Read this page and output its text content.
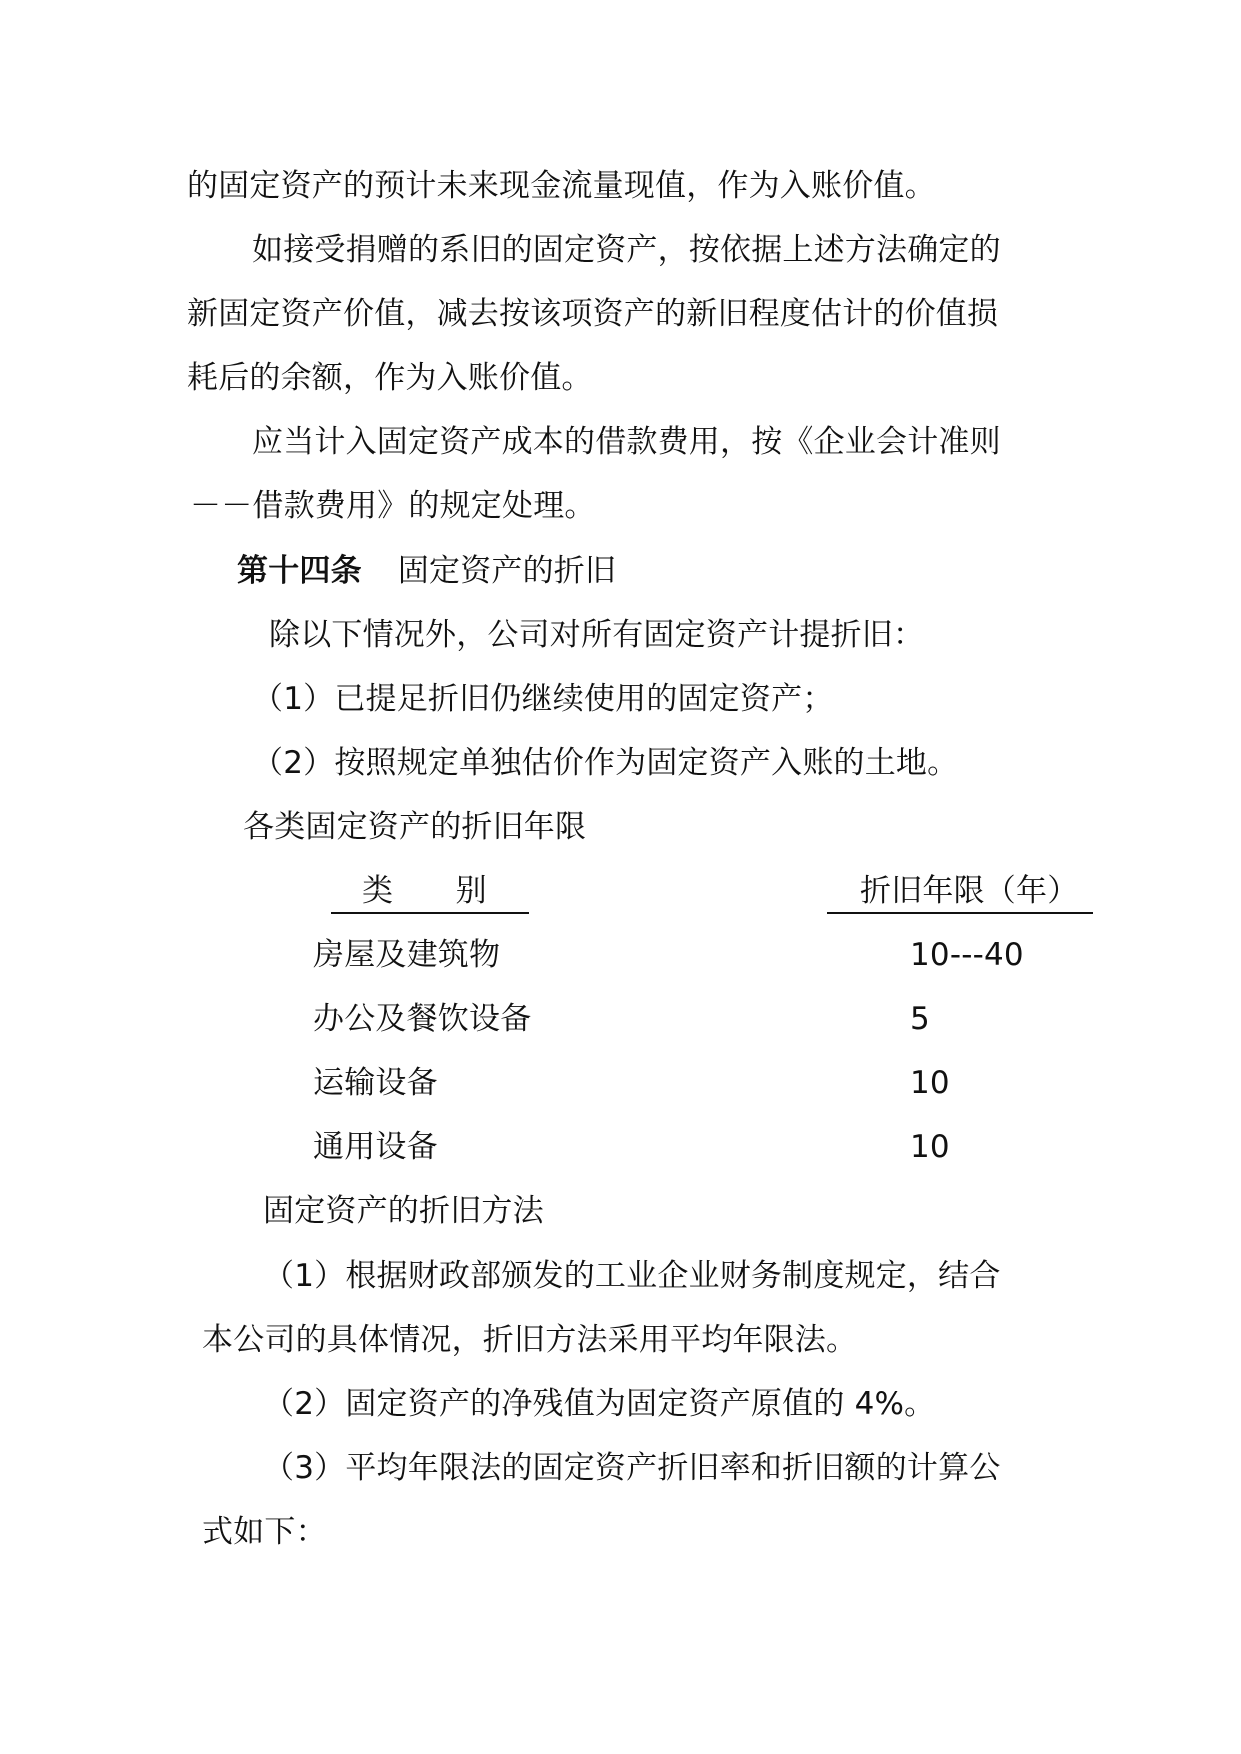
的固定资产的预计未来现金流量现值，作为入账价值。
如接受捐赠的系旧的固定资产，按依据上述方法确定的
新固定资产价值，减去按该项资产的新旧程度估计的价值损
耗后的余额，作为入账价值。
应当计入固定资产成本的借款费用，按《企业会计准则
－－借款费用》的规定处理。
第十四条 固定资产的折旧
除以下情况外，公司对所有固定资产计提折旧：
（1）已提足折旧仍继续使用的固定资产；
（2）按照规定单独估价作为固定资产入账的土地。
各类固定资产的折旧年限
类　　别	折旧年限（年）
房屋及建筑物	10---40
办公及餐饮设备	5
运输设备	10
通用设备	10
固定资产的折旧方法
（1）根据财政部颁发的工业企业财务制度规定，结合
本公司的具体情况，折旧方法采用平均年限法。
（2）固定资产的净残值为固定资产原值的 4%。
（3）平均年限法的固定资产折旧率和折旧额的计算公
式如下：
